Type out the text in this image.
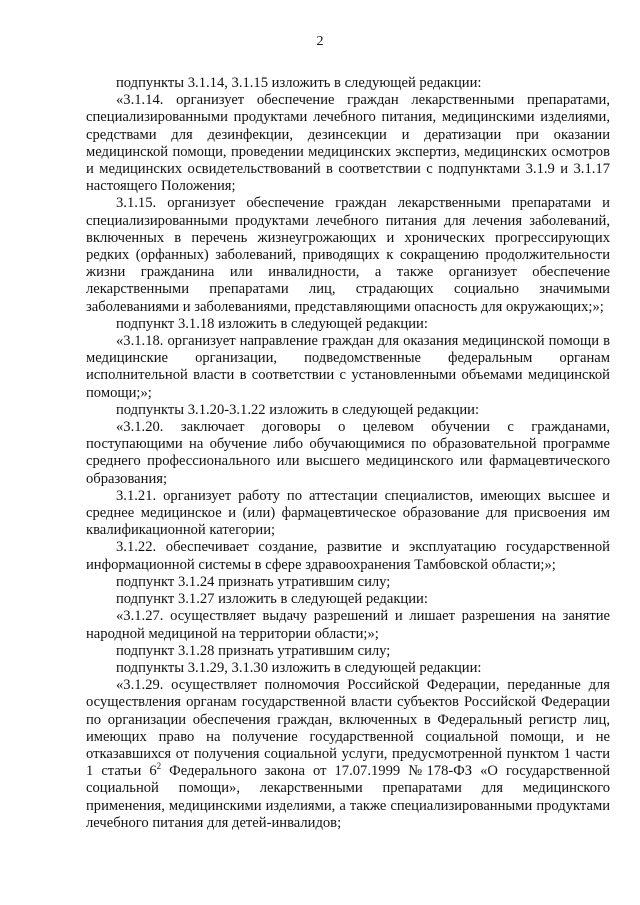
2

подпункты 3.1.14, 3.1.15 изложить в следующей редакции:

«3.1.14. организует обеспечение граждан лекарственными препаратами, специализированными продуктами лечебного питания, медицинскими изделиями, средствами для дезинфекции, дезинсекции и дератизации при оказании медицинской помощи, проведении медицинских экспертиз, медицинских осмотров и медицинских освидетельствований в соответствии с подпунктами 3.1.9 и 3.1.17 настоящего Положения;

3.1.15. организует обеспечение граждан лекарственными препаратами и специализированными продуктами лечебного питания для лечения заболеваний, включенных в перечень жизнеугрожающих и хронических прогрессирующих редких (орфанных) заболеваний, приводящих к сокращению продолжительности жизни гражданина или инвалидности, а также организует обеспечение лекарственными препаратами лиц, страдающих социально значимыми заболеваниями и заболеваниями, представляющими опасность для окружающих;»;

подпункт 3.1.18 изложить в следующей редакции:

«3.1.18. организует направление граждан для оказания медицинской помощи в медицинские организации, подведомственные федеральным органам исполнительной власти в соответствии с установленными объемами медицинской помощи;»;

подпункты 3.1.20-3.1.22 изложить в следующей редакции:

«3.1.20. заключает договоры о целевом обучении с гражданами, поступающими на обучение либо обучающимися по образовательной программе среднего профессионального или высшего медицинского или фармацевтического образования;

3.1.21. организует работу по аттестации специалистов, имеющих высшее и среднее медицинское и (или) фармацевтическое образование для присвоения им квалификационной категории;

3.1.22. обеспечивает создание, развитие и эксплуатацию государственной информационной системы в сфере здравоохранения Тамбовской области;»;

подпункт 3.1.24 признать утратившим силу;

подпункт 3.1.27 изложить в следующей редакции:

«3.1.27. осуществляет выдачу разрешений и лишает разрешения на занятие народной медициной на территории области;»;

подпункт 3.1.28 признать утратившим силу;

подпункты 3.1.29, 3.1.30 изложить в следующей редакции:

«3.1.29. осуществляет полномочия Российской Федерации, переданные для осуществления органам государственной власти субъектов Российской Федерации по организации обеспечения граждан, включенных в Федеральный регистр лиц, имеющих право на получение государственной социальной помощи, и не отказавшихся от получения социальной услуги, предусмотренной пунктом 1 части 1 статьи $6^2$ Федерального закона от 17.07.1999 №178-ФЗ «О государственной социальной помощи», лекарственными препаратами для медицинского применения, медицинскими изделиями, а также специализированными продуктами лечебного питания для детей-инвалидов;
